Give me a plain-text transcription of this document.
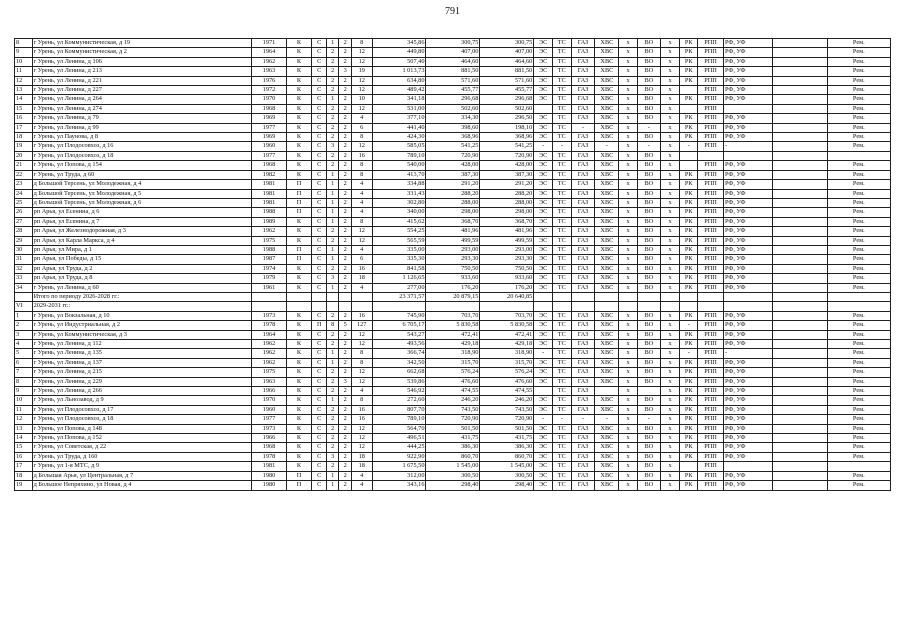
791
8	г Урень, ул Коммунистическая, д 19	1971	К	С	1	2	8	345,86	300,75	300,75	ЭС	ТС	ГАЗ	ХВС	х	ВО	х	РК	РПП	РФ, УФ		Рем.
9	г Урень, ул Коммунистическая, д 2	1964	К	С	2	2	12	449,80	407,00	407,00	ЭС	ТС	ГАЗ	ХВС	х	ВО	х	РК	РПП	РФ, УФ		Рем.
10	г Урень, ул Ленина, д 106	1962	К	С	2	2	12	507,40	464,60	464,60	ЭС	ТС	ГАЗ	ХВС	х	ВО	х	РК	РПП	РФ, УФ		Рем.
11	г Урень, ул Ленина, д 213	1963	К	С	2	3	19	1 013,73	881,50	881,50	ЭС	ТС	ГАЗ	ХВС	х	ВО	х	РК	РПП	РФ, УФ		Рем.
12	г Урень, ул Ленина, д 221	1976	К	С	2	2	12	634,80	571,60	571,60	ЭС	ТС	ГАЗ	ХВС	х	ВО	х	РК	РПП	РФ, УФ		Рем.
13	г Урень, ул Ленина, д 227	1972	К	С	2	2	12	489,42	455,77	455,77	ЭС	ТС	ГАЗ	ХВС	х	ВО	х		РПП	РФ, УФ		Рем.
14	г Урень, ул Ленина, д 264	1970	К	С	1	2	10	341,18	296,68	296,68	ЭС	ТС	ГАЗ	ХВС	х	ВО	х	РК	РПП	РФ, УФ		Рем.
15	г Урень, ул Ленина, д 274	1968	К	С	2	2	12	531,00	502,60	502,60		ТС	ГАЗ	ХВС	х	ВО	х		РПП			Рем.
16	г Урень, ул Ленина, д 79	1969	К	С	2	2	4	377,10	334,30	296,50	ЭС	ТС	ГАЗ	ХВС	х	ВО	х	РК	РПП	РФ, УФ		Рем.
17	г Урень, ул Ленина, д 99	1977	К	С	2	2	6	441,40	398,60	198,10	ЭС	ТС	-	ХВС	х	-	х	РК	РПП	РФ, УФ		Рем.
18	г Урень, ул Паунова, д 8	1969	К	С	2	2	8	424,30	368,96	368,96	ЭС	ТС	ГАЗ	ХВС	х	ВО	х	РК	РПП	РФ, УФ		Рем.
19	г Урень, ул Плодосовхоз, д 16	1960	К	С	3	2	12	585,05	541,25	541,25	-	-	ГАЗ	-	х	-	х	-	РПП	-		Рем.
20	г Урень, ул Плодосовхоз, д 18	1977	К	С	2	2	16	789,10	720,90	720,90	ЭС	ТС	ГАЗ	ХВС	х	ВО	х					
21	г Урень, ул Попова, д 154	1968	К	С	2	2	8	540,00	428,00	428,00	ЭС	ТС	ГАЗ	ХВС	х	ВО	х		РПП	РФ, УФ		Рем.
22	г Урень, ул Труда, д 60	1982	К	С	1	2	8	413,70	387,30	387,30	ЭС	ТС	ГАЗ	ХВС	х	ВО	х	РК	РПП	РФ, УФ		Рем.
23	д Большой Терсень, ул Молодежная, д 4	1981	П	С	1	2	4	334,88	291,20	291,20	ЭС	ТС	ГАЗ	ХВС	х	ВО	х	РК	РПП	РФ, УФ		Рем.
24	д Большой Терсень, ул Молодежная, д 5	1981	П	С	1	2	4	331,43	288,20	288,20	ЭС	ТС	ГАЗ	ХВС	х	ВО	х	РК	РПП	РФ, УФ		Рем.
25	д Большой Терсень, ул Молодежная, д 6	1981	П	С	1	2	4	302,80	288,00	288,00	ЭС	ТС	ГАЗ	ХВС	х	ВО	х	РК	РПП	РФ, УФ		Рем.
26	рп Арья, ул Есенина, д 6	1988	П	С	1	2	4	340,00	298,00	298,00	ЭС	ТС	ГАЗ	ХВС	х	ВО	х	РК	РПП	РФ, УФ		Рем.
27	рп Арья, ул Есенина, д 7	1989	К	С	1	2	8	415,62	368,70	368,70	ЭС	ТС	ГАЗ	ХВС	х	ВО	х	РК	РПП	РФ, УФ		Рем.
28	рп Арья, ул Железнодорожная, д 3	1962	К	С	2	2	12	554,25	481,96	481,96	ЭС	ТС	ГАЗ	ХВС	х	ВО	х	РК	РПП	РФ, УФ		Рем.
29	рп Арья, ул Карла Маркса, д 4	1975	К	С	2	2	12	565,59	499,59	499,59	ЭС	ТС	ГАЗ	ХВС	х	ВО	х	РК	РПП	РФ, УФ		Рем.
30	рп Арья, ул Мира, д 1	1988	П	С	1	2	4	335,00	293,00	293,00	ЭС	ТС	ГАЗ	ХВС	х	ВО	х	РК	РПП	РФ, УФ		Рем.
31	рп Арья, ул Победы, д 15	1987	П	С	1	2	6	335,30	293,30	293,30	ЭС	ТС	ГАЗ	ХВС	х	ВО	х	РК	РПП	РФ, УФ		Рем.
32	рп Арья, ул Труда, д 2	1974	К	С	2	2	16	841,58	750,50	750,50	ЭС	ТС	ГАЗ	ХВС	х	ВО	х	РК	РПП	РФ, УФ		Рем.
33	рп Арья, ул Труда, д 8	1979	К	С	3	2	18	1 126,65	933,60	933,60	ЭС	ТС	ГАЗ	ХВС	х	ВО	х	РК	РПП	РФ, УФ		Рем.
34	г Урень, ул Ленина, д 60	1961	К	С	1	2	4	277,00	176,20	176,20	ЭС	ТС	ГАЗ	ХВС	х	ВО	х	РК	РПП	РФ, УФ		Рем.
	Итого по периоду 2026-2028 гг.:							23 371,57	20 879,15	20 640,85												
VI	2029-2031 гг.:																					
1	г Урень, ул Вокзальная, д 10	1973	К	С	2	2	16	745,90	703,70	703,70	ЭС	ТС	ГАЗ	ХВС	х	ВО	х	РК	РПП	РФ, УФ		Рем.
2	г Урень, ул Индустриальная, д 2	1978	К	П	8	5	127	6 705,17	5 830,58	5 830,58	ЭС	ТС	ГАЗ	ХВС	х	ВО	х	-	РПП	РФ, УФ		Рем.
3	г Урень, ул Коммунистическая, д 3	1964	К	С	2	2	12	543,27	472,41	472,41	ЭС	ТС	ГАЗ	ХВС	х	ВО	х	РК	РПП	РФ, УФ		Рем.
4	г Урень, ул Ленина, д 112	1962	К	С	2	2	12	493,56	429,18	429,18	ЭС	ТС	ГАЗ	ХВС	х	ВО	х	РК	РПП	РФ, УФ		Рем.
5	г Урень, ул Ленина, д 135	1962	К	С	1	2	8	366,74	318,90	318,90	-	ТС	ГАЗ	ХВС	х	ВО	х	-	РПП	-		Рем.
6	г Урень, ул Ленина, д 137	1962	К	С	1	2	8	342,50	315,70	315,70	ЭС	ТС	ГАЗ	ХВС	х	ВО	х	РК	РПП	РФ, УФ		Рем.
7	г Урень, ул Ленина, д 215	1975	К	С	2	2	12	662,68	576,24	576,24	ЭС	ТС	ГАЗ	ХВС	х	ВО	х	РК	РПП	РФ, УФ		Рем.
8	г Урень, ул Ленина, д 229	1963	К	С	2	3	12	539,86	476,60	476,60	ЭС	ТС	ГАЗ	ХВС	х	ВО	х	РК	РПП	РФ, УФ		Рем.
9	г Урень, ул Ленина, д 266	1966	К	С	2	2	4	546,92	474,55	474,55		ТС	ГАЗ		х		х	РК	РПП	РФ, УФ		Рем.
10	г Урень, ул Льнозавод, д 9	1970	К	С	1	2	8	272,60	246,20	246,20	ЭС	ТС	ГАЗ	ХВС	х	ВО	х	РК	РПП	РФ, УФ		Рем.
11	г Урень, ул Плодосовхоз, д 17	1960	К	С	2	2	16	807,70	743,50	743,50	ЭС	ТС	ГАЗ	ХВС	х	ВО	х	РК	РПП	РФ, УФ		Рем.
12	г Урень, ул Плодосовхоз, д 18	1977	К	С	2	2	16	789,10	720,90	720,90	-	-	-	-	х	-	х	РК	РПП	РФ, УФ		Рем.
13	г Урень, ул Попова, д 148	1973	К	С	2	2	12	564,70	501,50	501,50	ЭС	ТС	ГАЗ	ХВС	х	ВО	х	РК	РПП	РФ, УФ		Рем.
14	г Урень, ул Попова, д 152	1966	К	С	2	2	12	496,51	431,75	431,75	ЭС	ТС	ГАЗ	ХВС	х	ВО	х	РК	РПП	РФ, УФ		Рем.
15	г Урень, ул Советская, д 22	1968	К	С	2	2	12	444,25	386,30	386,30	ЭС	ТС	ГАЗ	ХВС	х	ВО	х	РК	РПП	РФ, УФ		Рем.
16	г Урень, ул Труда, д 160	1978	К	С	3	2	18	922,90	860,70	860,70	ЭС	ТС	ГАЗ	ХВС	х	ВО	х	РК	РПП	РФ, УФ		Рем.
17	г Урень, ул 1-я МТС, д 9	1981	К	С	2	2	18	1 675,50	1 545,00	1 545,00	ЭС	ТС	ГАЗ	ХВС	х	ВО	х		РПП			
18	д Большая Арья, ул Центральная, д 7	1980	П	С	1	2	4	312,00	300,50	300,50	ЭС	ТС	ГАЗ	ХВС	х	ВО	х	РК	РПП	РФ, УФ		Рем.
19	д Большое Непряхино, ул Новая, д 4	1980	П	С	1	2	4	343,16	298,40	298,40	ЭС	ТС	ГАЗ	ХВС	х	ВО	х	РК	РПП	РФ, УФ		Рем.
